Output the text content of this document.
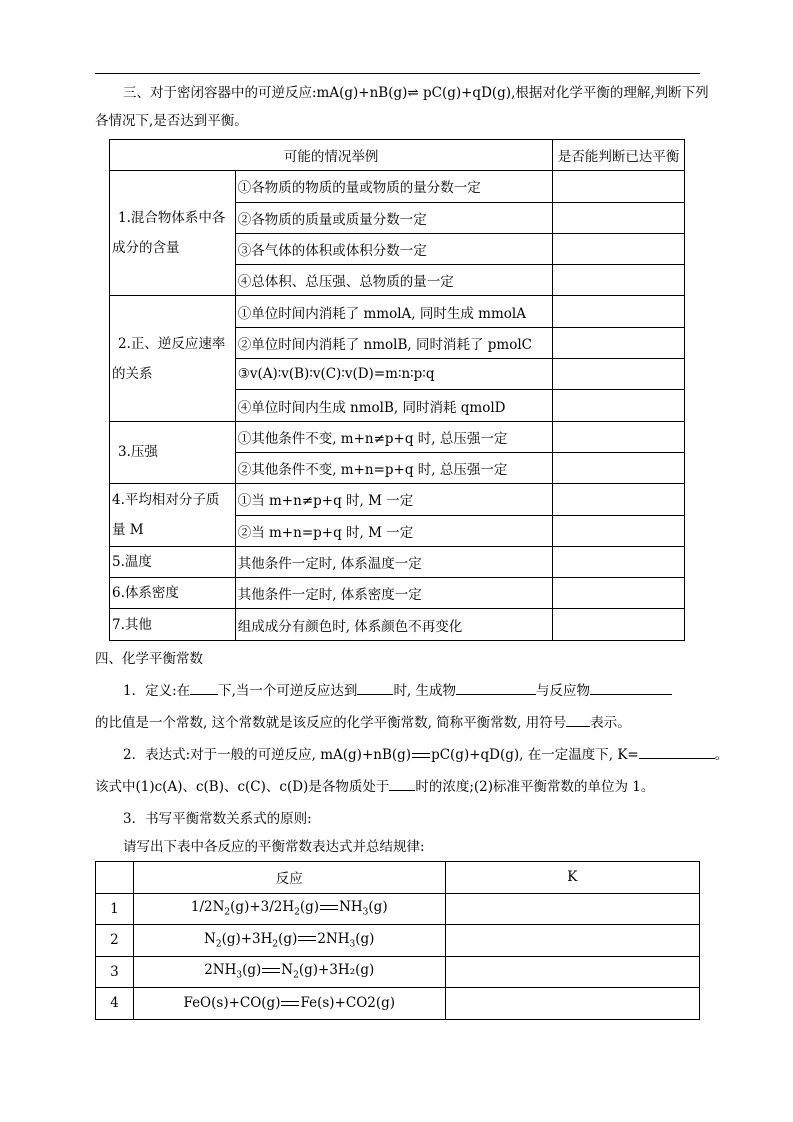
三、对于密闭容器中的可逆反应:mA(g)+nB(g)⇌ pC(g)+qD(g),根据对化学平衡的理解,判断下列
各情况下,是否达到平衡。
可能的情况举例		是否能判断已达平衡

1.混合物体系中各
成分的含量	①各物质的物质的量或物质的量分数一定	
	②各物质的质量或质量分数一定	
	③各气体的体积或体积分数一定	
	④总体积、总压强、总物质的量一定	

2.正、逆反应速率
的关系	①单位时间内消耗了 mmolA, 同时生成 mmolA	
	②单位时间内消耗了 nmolB, 同时消耗了 pmolC	
	③v(A)∶v(B)∶v(C)∶v(D)=m∶n∶p∶q	
	④单位时间内生成 nmolB, 同时消耗 qmolD	

3.压强	①其他条件不变, m+n≠p+q 时, 总压强一定	
	②其他条件不变, m+n=p+q 时, 总压强一定	

4.平均相对分子质
量 M	①当 m+n≠p+q 时, M 一定	
	②当 m+n=p+q 时, M 一定	
5.温度	其他条件一定时, 体系温度一定	
6.体系密度	其他条件一定时, 体系密度一定	
7.其他	组成成分有颜色时, 体系颜色不再变化	
四、化学平衡常数
1．定义:在 下,当一个可逆反应达到	时, 生成物	与反应物
的比值是一个常数, 这个常数就是该反应的化学平衡常数, 简称平衡常数, 用符号 表示。
2．表达式:对于一般的可逆反应, mA(g)+nB(g) pC(g)+qD(g), 在一定温度下, K=	。
该式中(1)c(A)、c(B)、c(C)、c(D)是各物质处于 时的浓度;(2)标准平衡常数的单位为 1。
3．书写平衡常数关系式的原则:
请写出下表中各反应的平衡常数表达式并总结规律:
	反应	K
1	$1/2N_2(g)+3/2H_2(g)$ $NH_3(g)$	
2	$N_2(g)+3H_2(g)$ $2NH_3(g)$	
3	$2NH_3(g)$ $N_2(g)+3H_2(g)$	
4	FeO(s)+CO(g) Fe(s)+CO2(g)	
